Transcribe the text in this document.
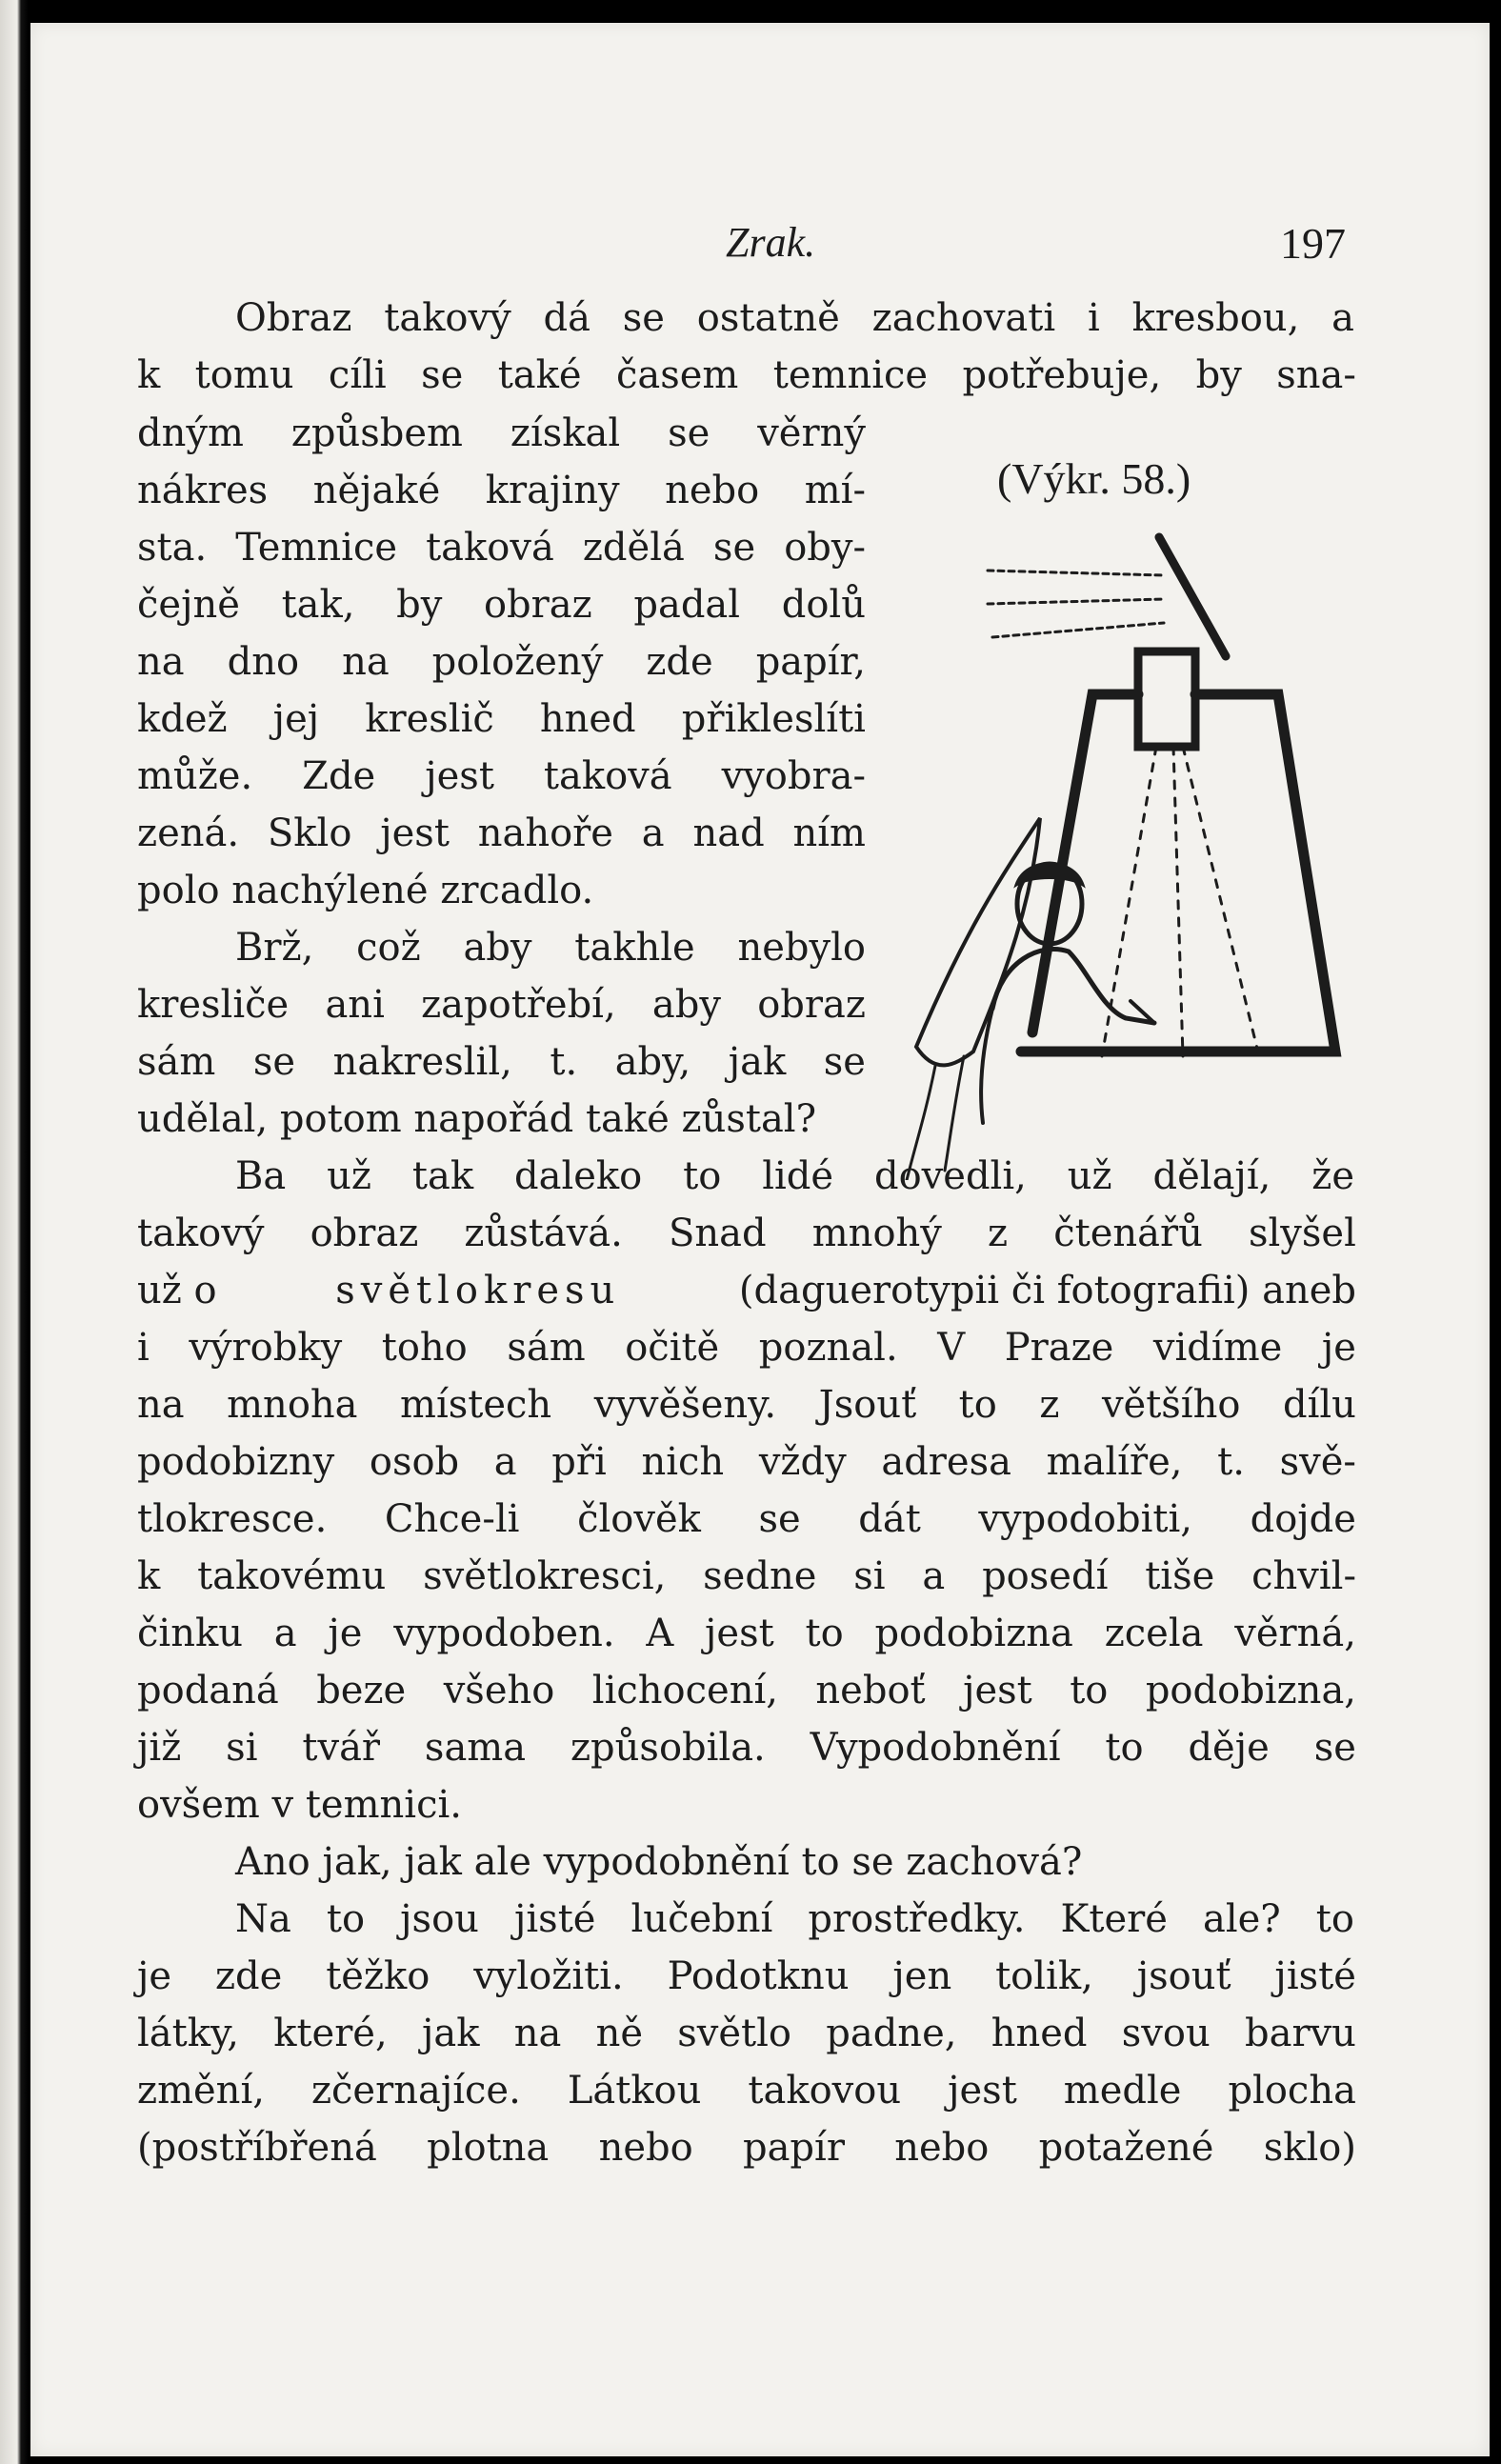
Zrak.	197
(Výkr. 58.)
Obraz takový dá se ostatně zachovati i kresbou, a
k tomu cíli se také časem temnice potřebuje, by sna-
dným způsbem získal se věrný
nákres nějaké krajiny nebo mí-
sta. Temnice taková zdělá se oby-
čejně tak, by obraz padal dolů
na dno na položený zde papír,
kdež jej kreslič hned přikleslíti
může. Zde jest taková vyobra-
zená. Sklo jest nahoře a nad ním
polo nachýlené zrcadlo.
Brž, což aby takhle nebylo
kresliče ani zapotřebí, aby obraz
sám se nakreslil, t. aby, jak se
udělal, potom napořád také zůstal?
Ba už tak daleko to lidé dovedli, už dělají, že
takový obraz zůstává. Snad mnohý z čtenářů slyšel
už o	světlokresu	(daguerotypii či fotografii) aneb
i výrobky toho sám očitě poznal. V Praze vidíme je
na mnoha místech vyvěšeny. Jsouť to z většího dílu
podobizny osob a při nich vždy adresa malíře, t. svě-
tlokresce. Chce-li člověk se dát vypodobiti, dojde
k takovému světlokresci, sedne si a posedí tiše chvil-
činku a je vypodoben. A jest to podobizna zcela věrná,
podaná beze všeho lichocení, neboť jest to podobizna,
již si tvář sama způsobila. Vypodobnění to děje se
ovšem v temnici.
Ano jak, jak ale vypodobnění to se zachová?
Na to jsou jisté lučební prostředky. Které ale? to
je zde těžko vyložiti. Podotknu jen tolik, jsouť jisté
látky, které, jak na ně světlo padne, hned svou barvu
změní, zčernajíce. Látkou takovou jest medle plocha
(postříbřená plotna nebo papír nebo potažené sklo)
